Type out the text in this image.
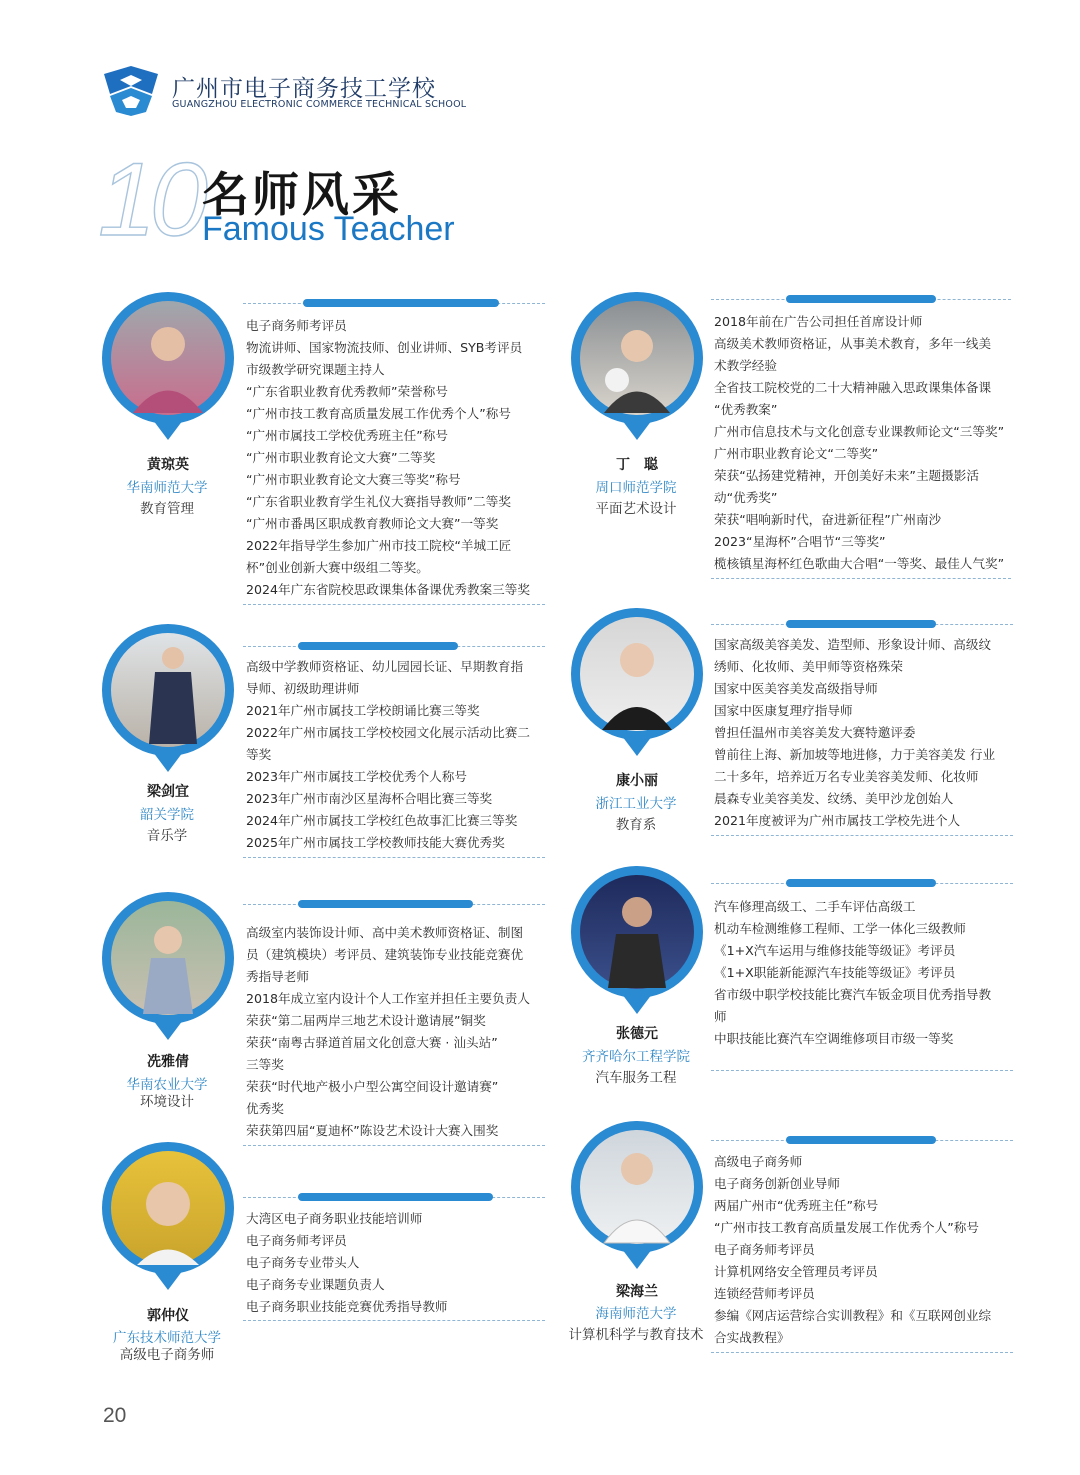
广州市电子商务技工学校
GUANGZHOU ELECTRONIC COMMERCE TECHNICAL SCHOOL
10 名师风采
Famous Teacher
黄琼英
华南师范大学
教育管理
电子商务师考评员
物流讲师、国家物流技师、创业讲师、SYB考评员
市级教学研究课题主持人
“广东省职业教育优秀教师”荣誉称号
“广州市技工教育高质量发展工作优秀个人”称号
“广州市属技工学校优秀班主任”称号
“广州市职业教育论文大赛”二等奖
“广州市职业教育论文大赛三等奖”称号
“广东省职业教育学生礼仪大赛指导教师”二等奖
“广州市番禺区职成教育教师论文大赛”一等奖
2022年指导学生参加广州市技工院校“羊城工匠
杯”创业创新大赛中级组二等奖。
2024年广东省院校思政课集体备课优秀教案三等奖
丁　聪
周口师范学院
平面艺术设计
2018年前在广告公司担任首席设计师
高级美术教师资格证，从事美术教育，多年一线美
术教学经验
全省技工院校党的二十大精神融入思政课集体备课
“优秀教案”
广州市信息技术与文化创意专业课教师论文“三等奖”
广州市职业教育论文“二等奖”
荣获“弘扬建党精神，开创美好未来”主题摄影活
动“优秀奖”
荣获“唱响新时代，奋进新征程”广州南沙
2023“星海杯”合唱节“三等奖”
榄核镇星海杯红色歌曲大合唱“一等奖、最佳人气奖”
梁剑宜
韶关学院
音乐学
高级中学教师资格证、幼儿园园长证、早期教育指
导师、初级助理讲师
2021年广州市属技工学校朗诵比赛三等奖
2022年广州市属技工学校校园文化展示活动比赛二
等奖
2023年广州市属技工学校优秀个人称号
2023年广州市南沙区星海杯合唱比赛三等奖
2024年广州市属技工学校红色故事汇比赛三等奖
2025年广州市属技工学校教师技能大赛优秀奖
康小丽
浙江工业大学
教育系
国家高级美容美发、造型师、形象设计师、高级纹
绣师、化妆师、美甲师等资格殊荣
国家中医美容美发高级指导师
国家中医康复理疗指导师
曾担任温州市美容美发大赛特邀评委
曾前往上海、新加坡等地进修，力于美容美发 行业
二十多年，培养近万名专业美容美发师、化妆师
晨森专业美容美发、纹绣、美甲沙龙创始人
2021年度被评为广州市属技工学校先进个人
冼雅倩
华南农业大学
环境设计
高级室内装饰设计师、高中美术教师资格证、制图
员（建筑模块）考评员、建筑装饰专业技能竞赛优
秀指导老师
2018年成立室内设计个人工作室并担任主要负责人
荣获“第二届两岸三地艺术设计邀请展”铜奖
荣获“南粤古驿道首届文化创意大赛 · 汕头站”
三等奖
荣获“时代地产极小户型公寓空间设计邀请赛”
优秀奖
荣获第四届“夏迪杯”陈设艺术设计大赛入围奖
张德元
齐齐哈尔工程学院
汽车服务工程
汽车修理高级工、二手车评估高级工
机动车检测维修工程师、工学一体化三级教师
《1+X汽车运用与维修技能等级证》考评员
《1+X职能新能源汽车技能等级证》考评员
省市级中职学校技能比赛汽车钣金项目优秀指导教
师
中职技能比赛汽车空调维修项目市级一等奖
郭仲仪
广东技术师范大学
高级电子商务师
大湾区电子商务职业技能培训师
电子商务师考评员
电子商务专业带头人
电子商务专业课题负责人
电子商务职业技能竞赛优秀指导教师
梁海兰
海南师范大学
计算机科学与教育技术
高级电子商务师
电子商务创新创业导师
两届广州市“优秀班主任”称号
“广州市技工教育高质量发展工作优秀个人”称号
电子商务师考评员
计算机网络安全管理员考评员
连锁经营师考评员
参编《网店运营综合实训教程》和《互联网创业综
合实战教程》
20
